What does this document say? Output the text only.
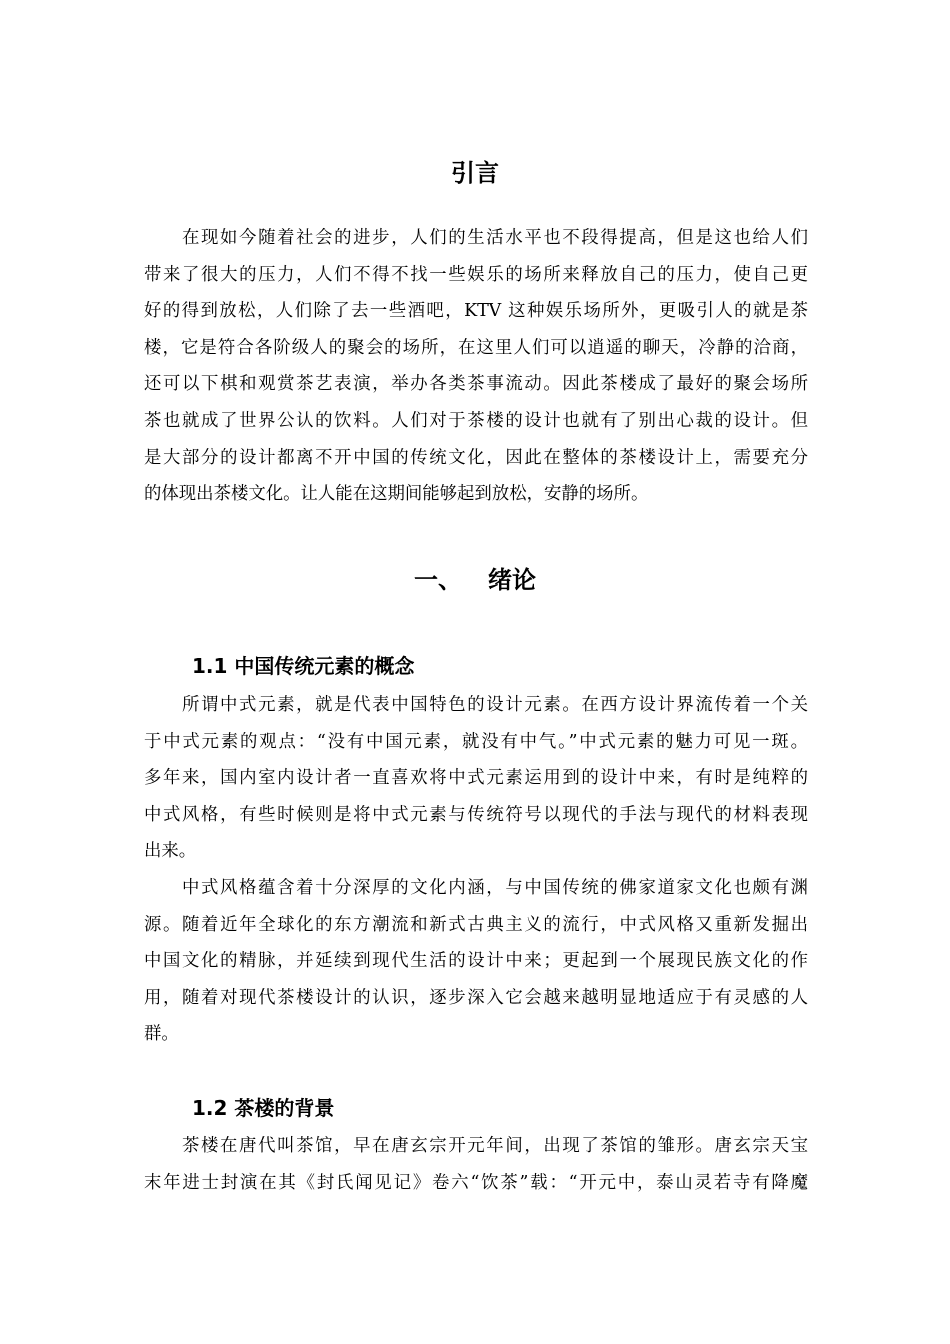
引言
在现如今随着社会的进步，人们的生活水平也不段得提高，但是这也给人们
带来了很大的压力，人们不得不找一些娱乐的场所来释放自己的压力，使自己更
好的得到放松，人们除了去一些酒吧，KTV 这种娱乐场所外，更吸引人的就是茶
楼，它是符合各阶级人的聚会的场所，在这里人们可以逍遥的聊天，冷静的洽商，
还可以下棋和观赏茶艺表演，举办各类茶事流动。因此茶楼成了最好的聚会场所
茶也就成了世界公认的饮料。人们对于茶楼的设计也就有了别出心裁的设计。但
是大部分的设计都离不开中国的传统文化，因此在整体的茶楼设计上，需要充分
的体现出茶楼文化。让人能在这期间能够起到放松，安静的场所。
一、 绪论
1.1 中国传统元素的概念
所谓中式元素，就是代表中国特色的设计元素。在西方设计界流传着一个关
于中式元素的观点：“没有中国元素，就没有中气。”中式元素的魅力可见一斑。
多年来，国内室内设计者一直喜欢将中式元素运用到的设计中来，有时是纯粹的
中式风格，有些时候则是将中式元素与传统符号以现代的手法与现代的材料表现
出来。
中式风格蕴含着十分深厚的文化内涵，与中国传统的佛家道家文化也颇有渊
源。随着近年全球化的东方潮流和新式古典主义的流行，中式风格又重新发掘出
中国文化的精脉，并延续到现代生活的设计中来；更起到一个展现民族文化的作
用，随着对现代茶楼设计的认识，逐步深入它会越来越明显地适应于有灵感的人
群。
1.2 茶楼的背景
茶楼在唐代叫茶馆，早在唐玄宗开元年间，出现了茶馆的雏形。唐玄宗天宝
末年进士封演在其《封氏闻见记》卷六“饮茶”载：“开元中，泰山灵若寺有降魔
